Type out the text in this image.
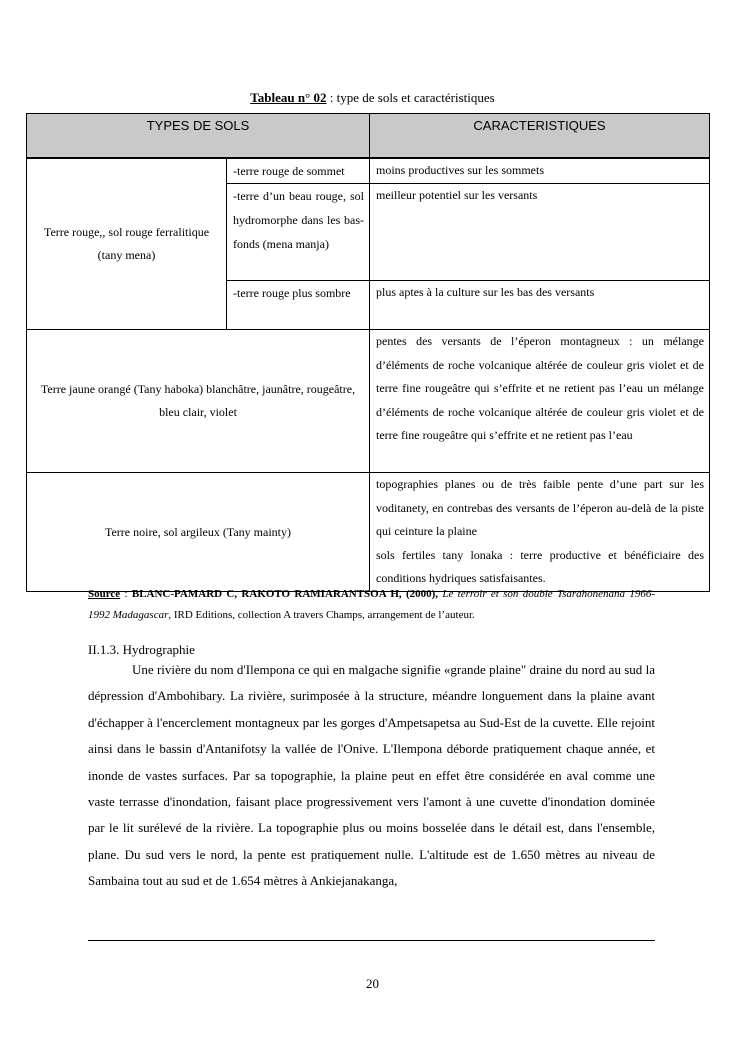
Tableau n° 02 : type de sols et caractéristiques
TYPES DE SOLS		CARACTERISTIQUES

Terre rouge,, sol rouge ferralitique (tany mena)	-terre rouge de sommet	moins productives sur les sommets
	-terre d’un beau rouge, sol hydromorphe dans les bas-fonds (mena manja)	meilleur potentiel sur les versants
	-terre rouge plus sombre	plus aptes à la culture sur les bas des versants
Terre jaune orangé (Tany haboka) blanchâtre, jaunâtre, rougeâtre, bleu clair, violet		pentes des versants de l’éperon montagneux : un mélange d’éléments de roche volcanique altérée de couleur gris violet et de terre fine rougeâtre qui s’effrite et ne retient pas l’eau un mélange d’éléments de roche volcanique altérée de couleur gris violet et de terre fine rougeâtre qui s’effrite et ne retient pas l’eau
Terre noire, sol argileux (Tany mainty)		topographies planes ou de très faible pente d’une part sur les voditanety, en contrebas des versants de l’éperon au-delà de la piste qui ceinture la plaine
sols fertiles tany lonaka : terre productive et bénéficiaire des conditions hydriques satisfaisantes.
Source : BLANC-PAMARD C, RAKOTO RAMIARANTSOA H, (2000), Le terroir et son double Tsarahonenana 1966-1992 Madagascar, IRD Editions, collection A travers Champs, arrangement de l’auteur.
II.1.3. Hydrographie
Une rivière du nom d'Ilempona ce qui en malgache signifie «grande plaine" draine du nord au sud la dépression d'Ambohibary. La rivière, surimposée à la structure, méandre longuement dans la plaine avant d'échapper à l'encerclement montagneux par les gorges d'Ampetsapetsa au Sud-Est de la cuvette. Elle rejoint ainsi dans le bassin d'Antanifotsy la vallée de l'Onive. L'Ilempona déborde pratiquement chaque année, et inonde de vastes surfaces. Par sa topographie, la plaine peut en effet être considérée en aval comme une vaste terrasse d'inondation, faisant place progressivement vers l'amont à une cuvette d'inondation dominée par le lit surélevé de la rivière. La topographie plus ou moins bosselée dans le détail est, dans l'ensemble, plane. Du sud vers le nord, la pente est pratiquement nulle. L'altitude est de 1.650 mètres au niveau de Sambaina tout au sud et de 1.654 mètres à Ankiejanakanga,
20
